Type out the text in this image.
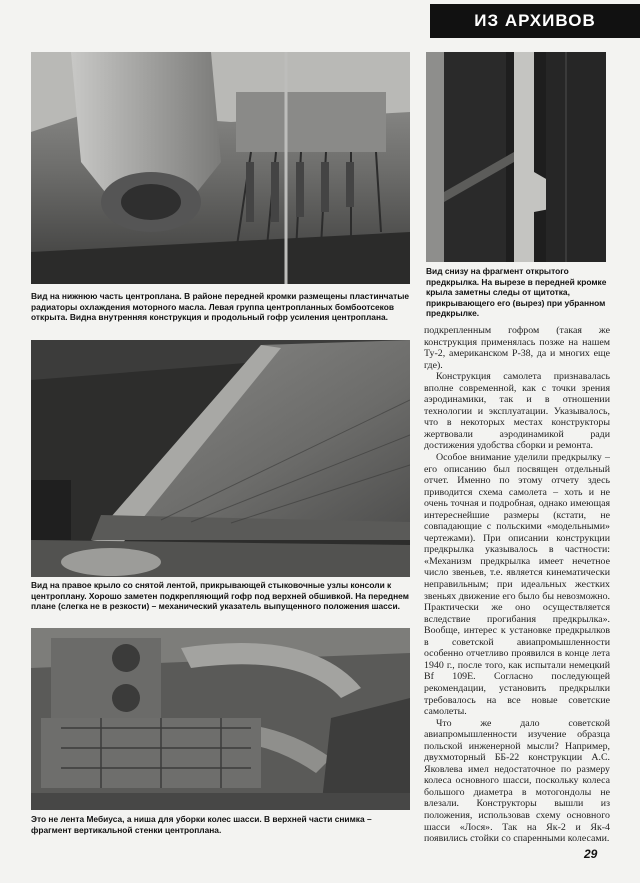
ИЗ АРХИВОВ

Вид на нижнюю часть центроплана. В районе передней кромки размещены пластинчатые радиаторы охлаждения моторного масла. Левая группа центропланных бомбоотсеков открыта. Видна внутренняя конструкция и продольный гофр усиления центроплана.

Вид снизу на фрагмент открытого предкрылка. На вырезе в передней кромке крыла заметны следы от щитотка, прикрывающего его (вырез) при убранном предкрылке.

Вид на правое крыло со снятой лентой, прикрывающей стыковочные узлы консоли к центроплану. Хорошо заметен подкрепляющий гофр под верхней обшивкой. На переднем плане (слегка не в резкости) – механический указатель выпущенного положения шасси.

Это не лента Мебиуса, а ниша для уборки колес шасси. В верхней части снимка – фрагмент вертикальной стенки центроплана.

подкрепленным гофром (такая же конструкция применялась позже на нашем Ту-2, американском Р-38, да и многих еще где).

Конструкция самолета признавалась вполне современной, как с точки зрения аэродинамики, так и в отношении технологии и эксплуатации. Указывалось, что в некоторых местах конструкторы жертвовали аэродинамикой ради достижения удобства сборки и ремонта.

Особое внимание уделили предкрылку – его описанию был посвящен отдельный отчет. Именно по этому отчету здесь приводится схема самолета – хоть и не очень точная и подробная, однако имеющая интереснейшие размеры (кстати, не совпадающие с польскими «модельными» чертежами). При описании конструкции предкрылка указывалось в частности: «Механизм предкрылка имеет нечетное число звеньев, т.е. является кинематически неправильным; при идеальных жестких звеньях движение его было бы невозможно. Практически же оно осуществляется вследствие прогибания предкрылка». Вообще, интерес к установке предкрылков в советской авиапромышленности особенно отчетливо проявился в конце лета 1940 г., после того, как испытали немецкий Bf 109E. Согласно последующей рекомендации, установить предкрылки требовалось на все новые советские самолеты.

Что же дало советской авиапромышленности изучение образца польской инженерной мысли? Например, двухмоторный ББ-22 конструкции А.С. Яковлева имел недостаточное по размеру колеса основного шасси, поскольку колеса большого диаметра в мотогондолы не влезали. Конструкторы вышли из положения, использовав схему основного шасси «Лося». Так на Як-2 и Як-4 появились стойки со спаренными колесами.

29
